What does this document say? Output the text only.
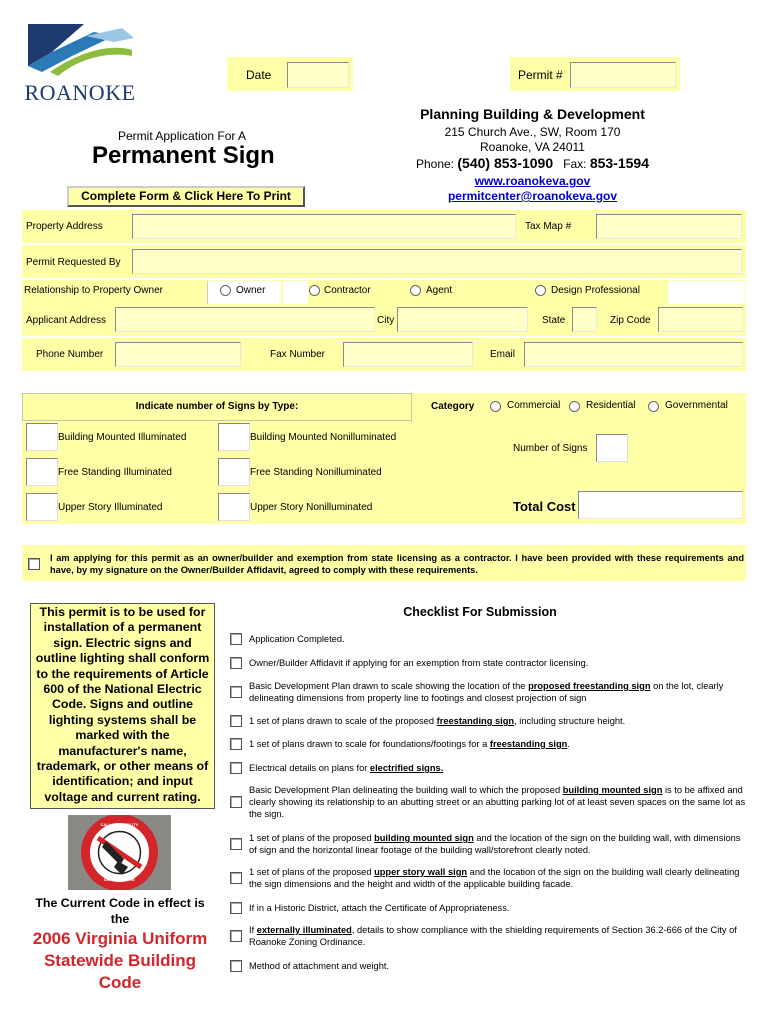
ROANOKE
Date	Permit #
Permit Application For A
Permanent Sign
Complete Form & Click Here To Print
Planning Building & Development
215 Church Ave., SW, Room 170
Roanoke, VA 24011
Phone: (540) 853-1090 Fax: 853-1594
www.roanokeva.gov
permitcenter@roanokeva.gov
Property Address	Tax Map #
Permit Requested By
Relationship to Property Owner	Owner	Contractor	Agent	Design Professional
Applicant Address	City	State	Zip Code
Phone Number	Fax Number	Email
Indicate number of Signs by Type:
Building Mounted Illuminated	Building Mounted Nonilluminated
Free Standing Illuminated	Free Standing Nonilluminated
Upper Story Illuminated	Upper Story Nonilluminated
Category	Commercial	Residential	Governmental
Number of Signs
Total Cost
I am applying for this permit as an owner/builder and exemption from state licensing as a contractor. I have been provided with these requirements and have, by my signature on the Owner/Builder Affidavit, agreed to comply with these requirements.
This permit is to be used for installation of a permanent sign. Electric signs and outline lighting shall conform to the requirements of Article 600 of the National Electric Code. Signs and outline lighting systems shall be marked with the manufacturer's name, trademark, or other means of identification; and input voltage and current rating.
CALL MISS UTILITY
DIG WITH CARE
The Current Code in effect is the
2006 Virginia Uniform Statewide Building Code
Checklist For Submission
Application Completed.
Owner/Builder Affidavit if applying for an exemption from state contractor licensing.
Basic Development Plan drawn to scale showing the location of the proposed freestanding sign on the lot, clearly delineating dimensions from property line to footings and closest projection of sign
1 set of plans drawn to scale of the proposed freestanding sign, including structure height.
1 set of plans drawn to scale for foundations/footings for a freestanding sign.
Electrical details on plans for electrified signs.
Basic Development Plan delineating the building wall to which the proposed building mounted sign is to be affixed and clearly showing its relationship to an abutting street or an abutting parking lot of at least seven spaces on the same lot as the sign.
1 set of plans of the proposed building mounted sign and the location of the sign on the building wall, with dimensions of sign and the horizontal linear footage of the building wall/storefront clearly noted.
1 set of plans of the proposed upper story wall sign and the location of the sign on the building wall clearly delineating the sign dimensions and the height and width of the applicable building facade.
If in a Historic District, attach the Certificate of Appropriateness.
If externally illuminated, details to show compliance with the shielding requirements of Section 36.2-666 of the City of Roanoke Zoning Ordinance.
Method of attachment and weight.
